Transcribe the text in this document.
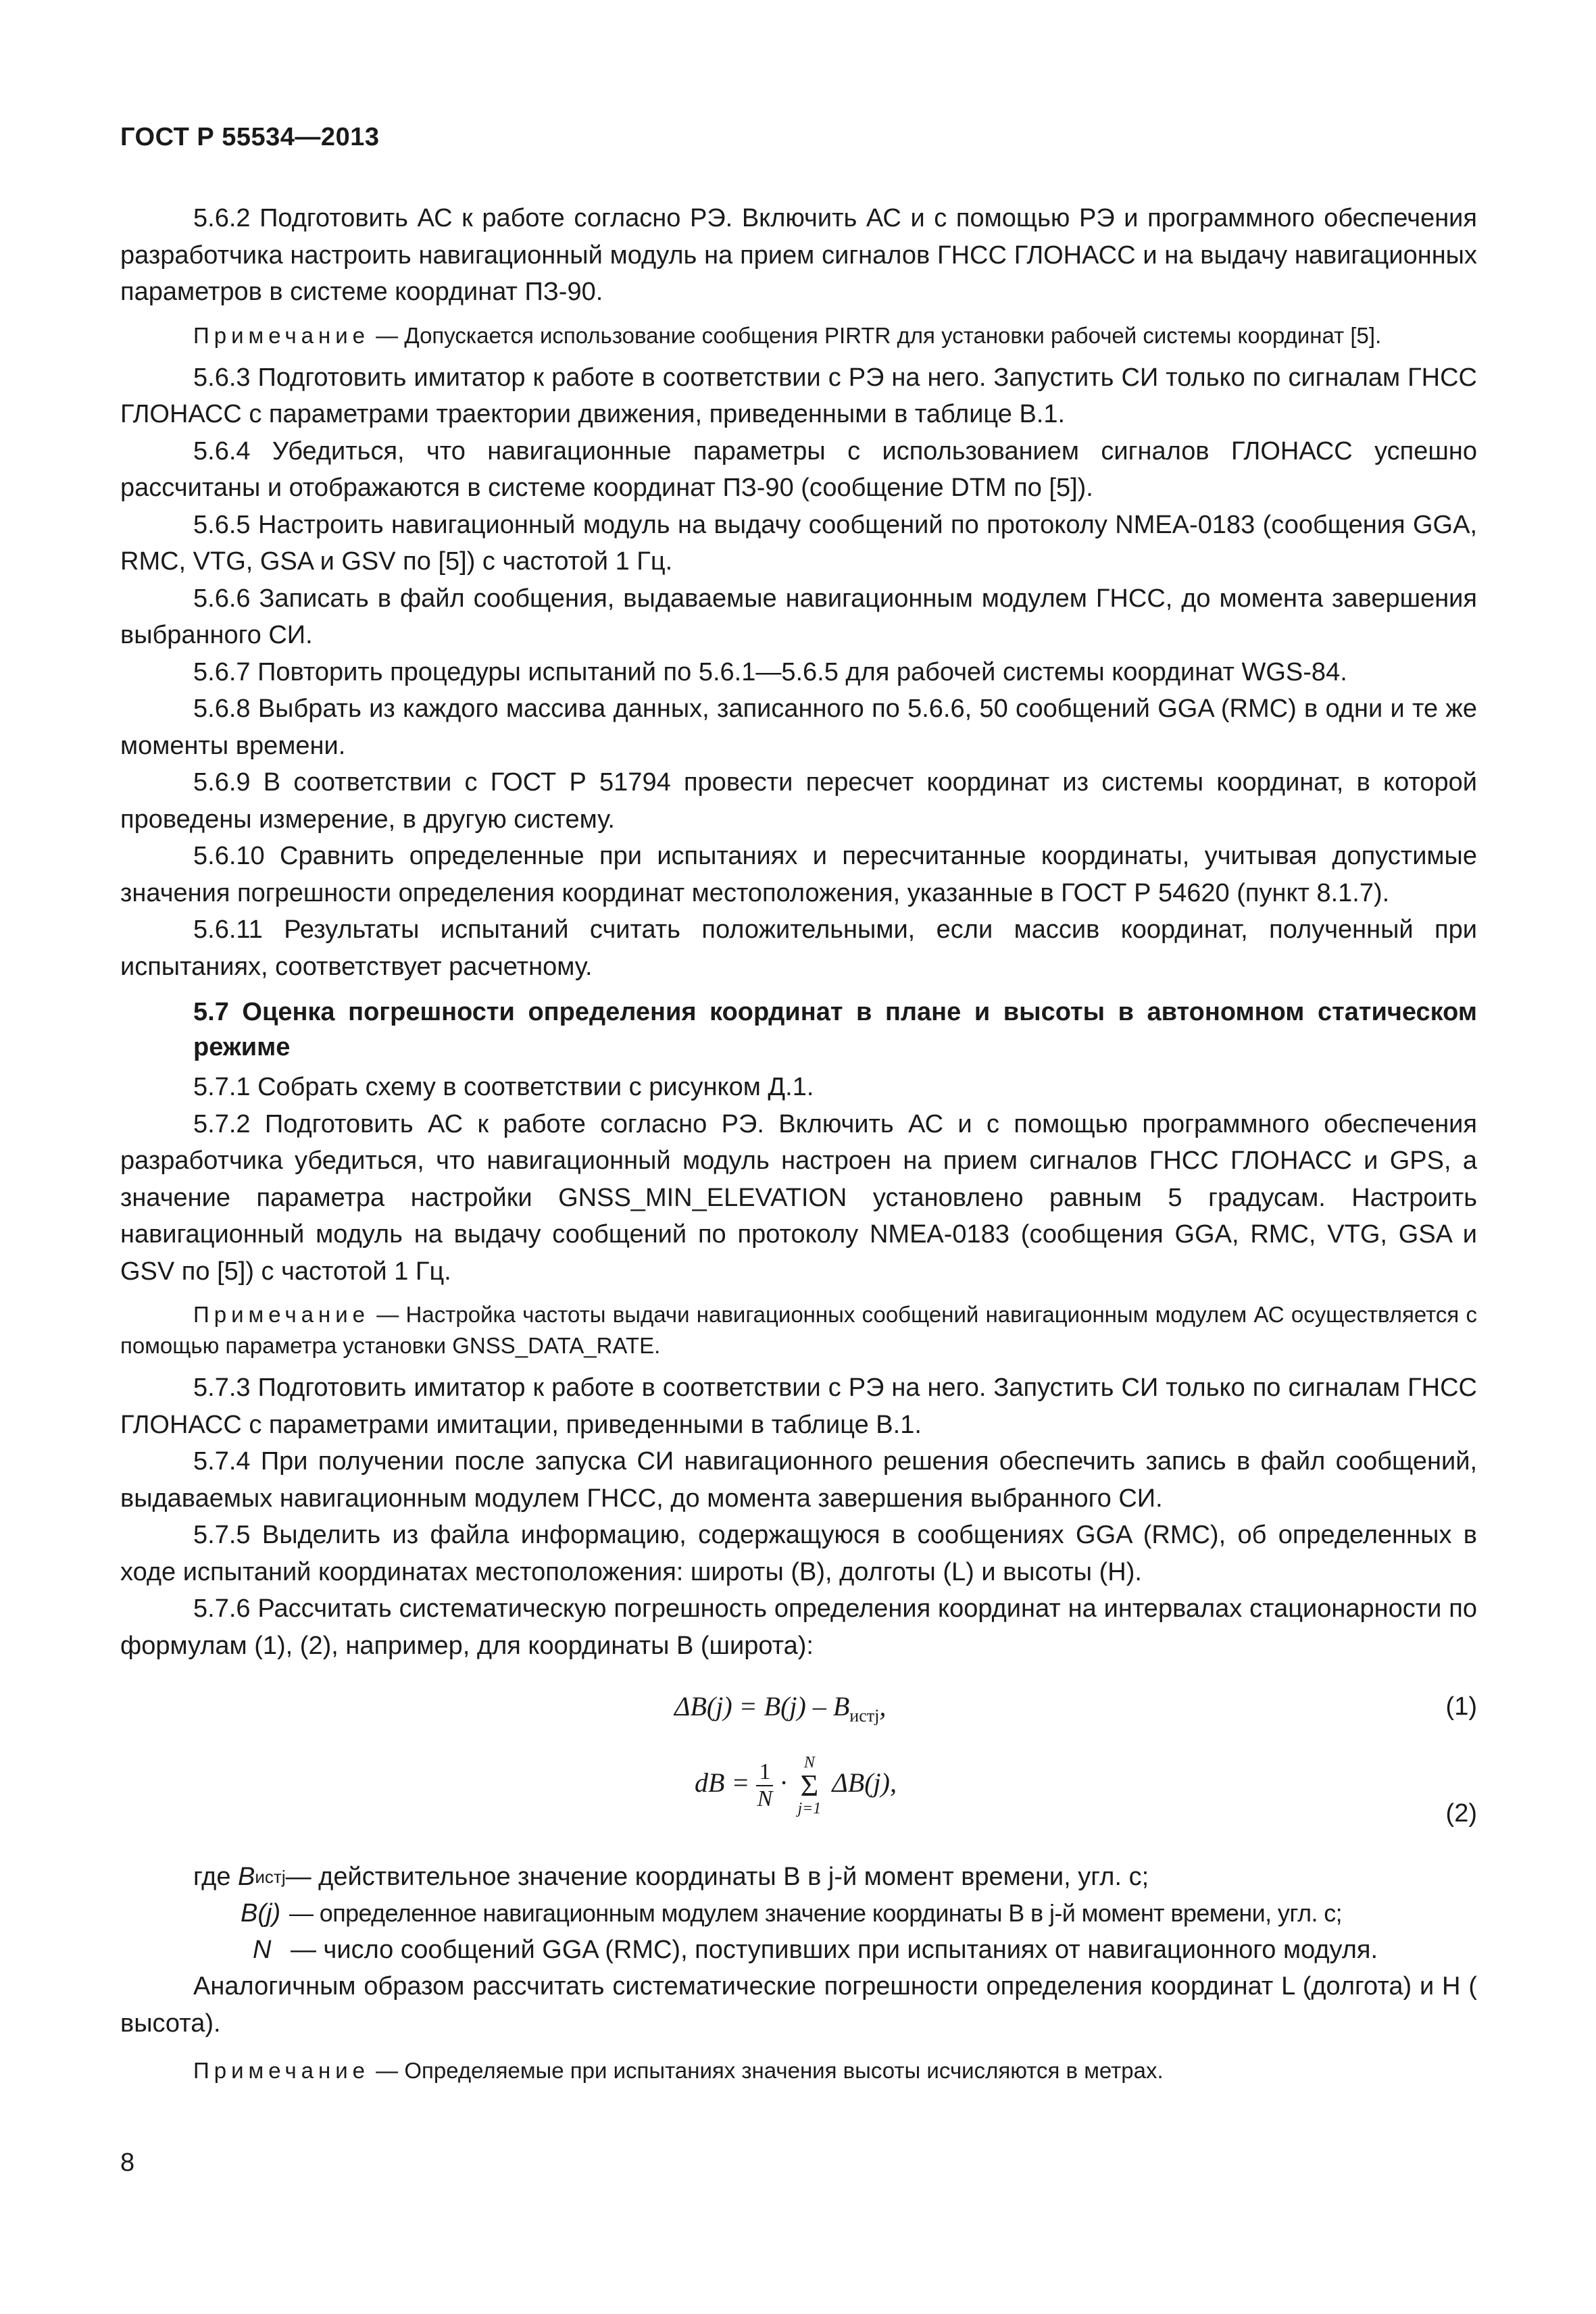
ГОСТ Р 55534—2013

5.6.2 Подготовить АС к работе согласно РЭ. Включить АС и с помощью РЭ и программного обеспечения разработчика настроить навигационный модуль на прием сигналов ГНСС ГЛОНАСС и на выдачу навигационных параметров в системе координат ПЗ-90.

Примечание — Допускается использование сообщения PIRTR для установки рабочей системы координат [5].

5.6.3 Подготовить имитатор к работе в соответствии с РЭ на него. Запустить СИ только по сигналам ГНСС ГЛОНАСС с параметрами траектории движения, приведенными в таблице В.1.

5.6.4 Убедиться, что навигационные параметры с использованием сигналов ГЛОНАСС успешно рассчитаны и отображаются в системе координат ПЗ-90 (сообщение DTM по [5]).

5.6.5 Настроить навигационный модуль на выдачу сообщений по протоколу NMEA-0183 (сообщения GGA, RMC, VTG, GSA и GSV по [5]) с частотой 1 Гц.

5.6.6 Записать в файл сообщения, выдаваемые навигационным модулем ГНСС, до момента завершения выбранного СИ.

5.6.7 Повторить процедуры испытаний по 5.6.1—5.6.5 для рабочей системы координат WGS-84.

5.6.8 Выбрать из каждого массива данных, записанного по 5.6.6, 50 сообщений GGA (RMC) в одни и те же моменты времени.

5.6.9 В соответствии с ГОСТ Р 51794 провести пересчет координат из системы координат, в которой проведены измерение, в другую систему.

5.6.10 Сравнить определенные при испытаниях и пересчитанные координаты, учитывая допустимые значения погрешности определения координат местоположения, указанные в ГОСТ Р 54620 (пункт 8.1.7).

5.6.11 Результаты испытаний считать положительными, если массив координат, полученный при испытаниях, соответствует расчетному.

5.7 Оценка погрешности определения координат в плане и высоты в автономном статическом режиме

5.7.1 Собрать схему в соответствии с рисунком Д.1.

5.7.2 Подготовить АС к работе согласно РЭ. Включить АС и с помощью программного обеспечения разработчика убедиться, что навигационный модуль настроен на прием сигналов ГНСС ГЛОНАСС и GPS, а значение параметра настройки GNSS_MIN_ELEVATION установлено равным 5 градусам. Настроить навигационный модуль на выдачу сообщений по протоколу NMEA-0183 (сообщения GGA, RMC, VTG, GSA и GSV по [5]) с частотой 1 Гц.

Примечание — Настройка частоты выдачи навигационных сообщений навигационным модулем АС осуществляется с помощью параметра установки GNSS_DATA_RATE.

5.7.3 Подготовить имитатор к работе в соответствии с РЭ на него. Запустить СИ только по сигналам ГНСС ГЛОНАСС с параметрами имитации, приведенными в таблице В.1.

5.7.4 При получении после запуска СИ навигационного решения обеспечить запись в файл сообщений, выдаваемых навигационным модулем ГНСС, до момента завершения выбранного СИ.

5.7.5 Выделить из файла информацию, содержащуюся в сообщениях GGA (RMC), об определенных в ходе испытаний координатах местоположения: широты (B), долготы (L) и высоты (H).

5.7.6 Рассчитать систематическую погрешность определения координат на интервалах стационарности по формулам (1), (2), например, для координаты B (широта):

$\Delta B(j) = B(j) - B_{истj}$,	(1)
dB = $\frac{1}{N}$ ·
N
Σ
j=1
ΔB(j),
(2)
где
B истj — действительное значение координаты B в j-й момент времени, угл. с;
B(j) — определенное навигационным модулем значение координаты B в j-й момент времени, угл. с;
N — число сообщений GGA (RMC), поступивших при испытаниях от навигационного модуля.

Аналогичным образом рассчитать систематические погрешности определения координат L (долгота) и H ( высота).

Примечание — Определяемые при испытаниях значения высоты исчисляются в метрах.

8
